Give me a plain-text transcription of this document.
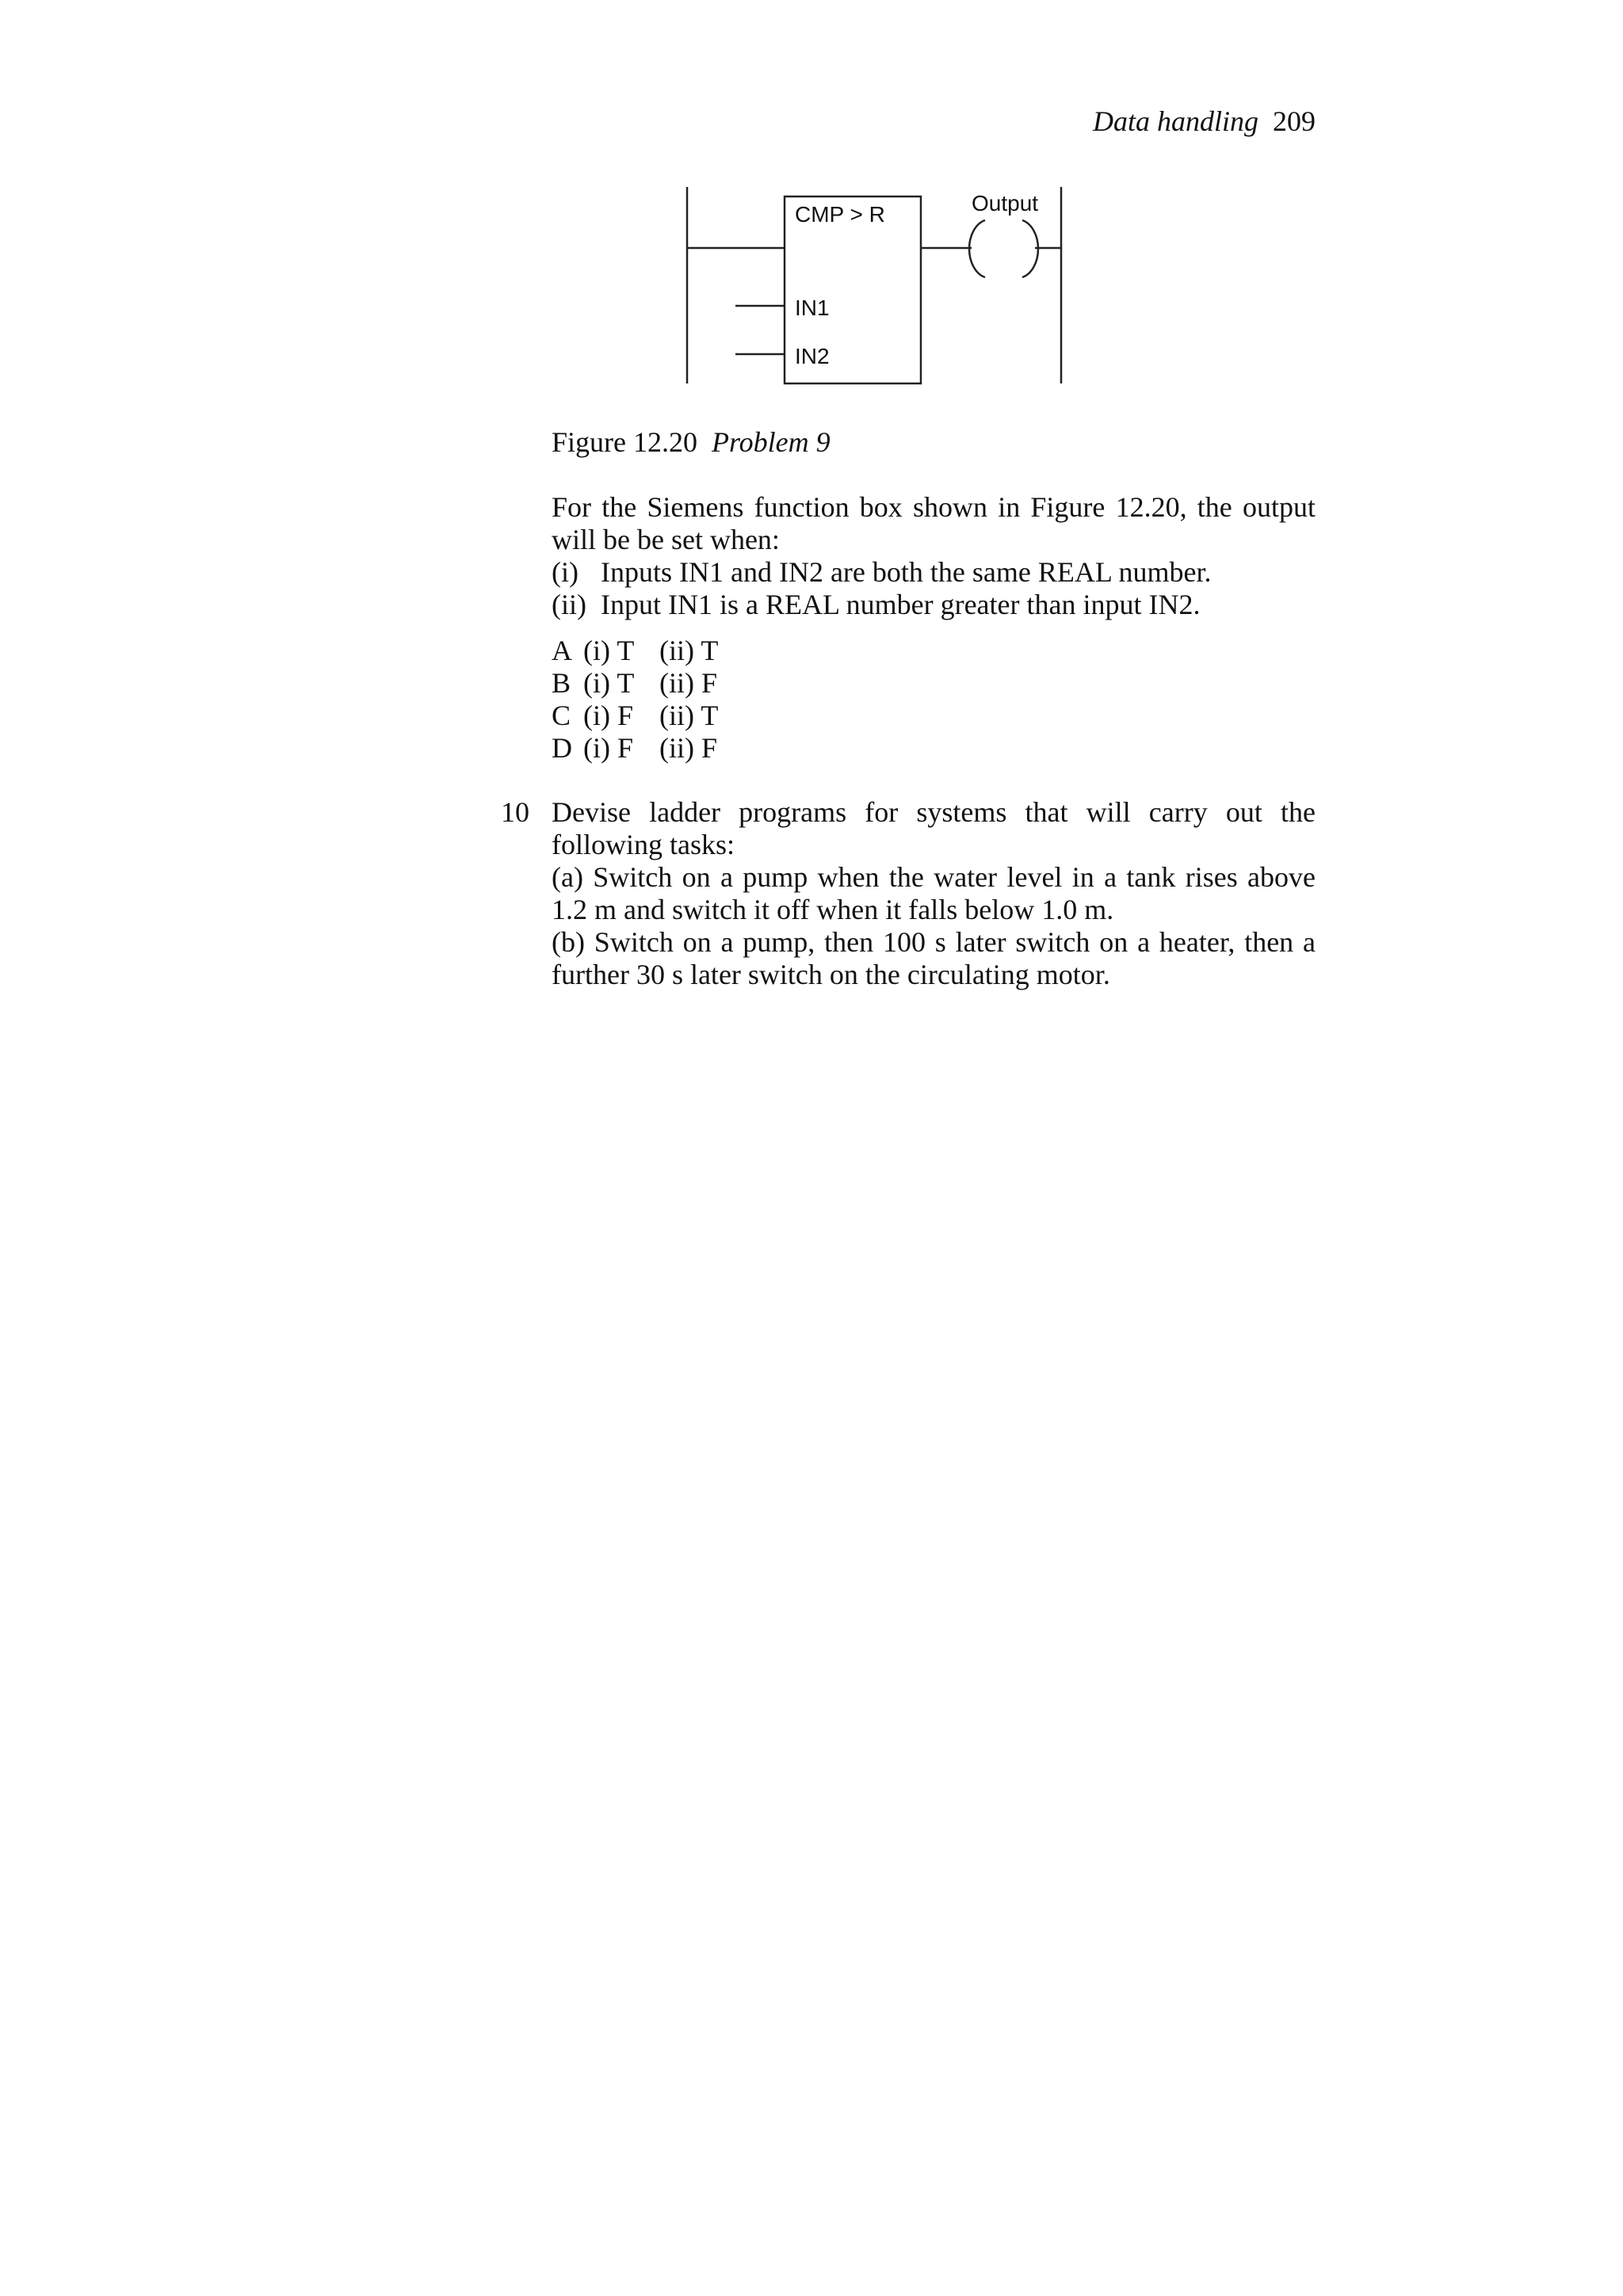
Data handling 209
CMP > R	Output
IN1
IN2
Figure 12.20 Problem 9
For the Siemens function box shown in Figure 12.20, the output will be be set when:
(i) Inputs IN1 and IN2 are both the same REAL number.
(ii) Input IN1 is a REAL number greater than input IN2.
A (i) T (ii) T
B (i) T (ii) F
C (i) F (ii) T
D (i) F (ii) F
10 Devise ladder programs for systems that will carry out the following tasks:
(a) Switch on a pump when the water level in a tank rises above 1.2 m and switch it off when it falls below 1.0 m.
(b) Switch on a pump, then 100 s later switch on a heater, then a further 30 s later switch on the circulating motor.
